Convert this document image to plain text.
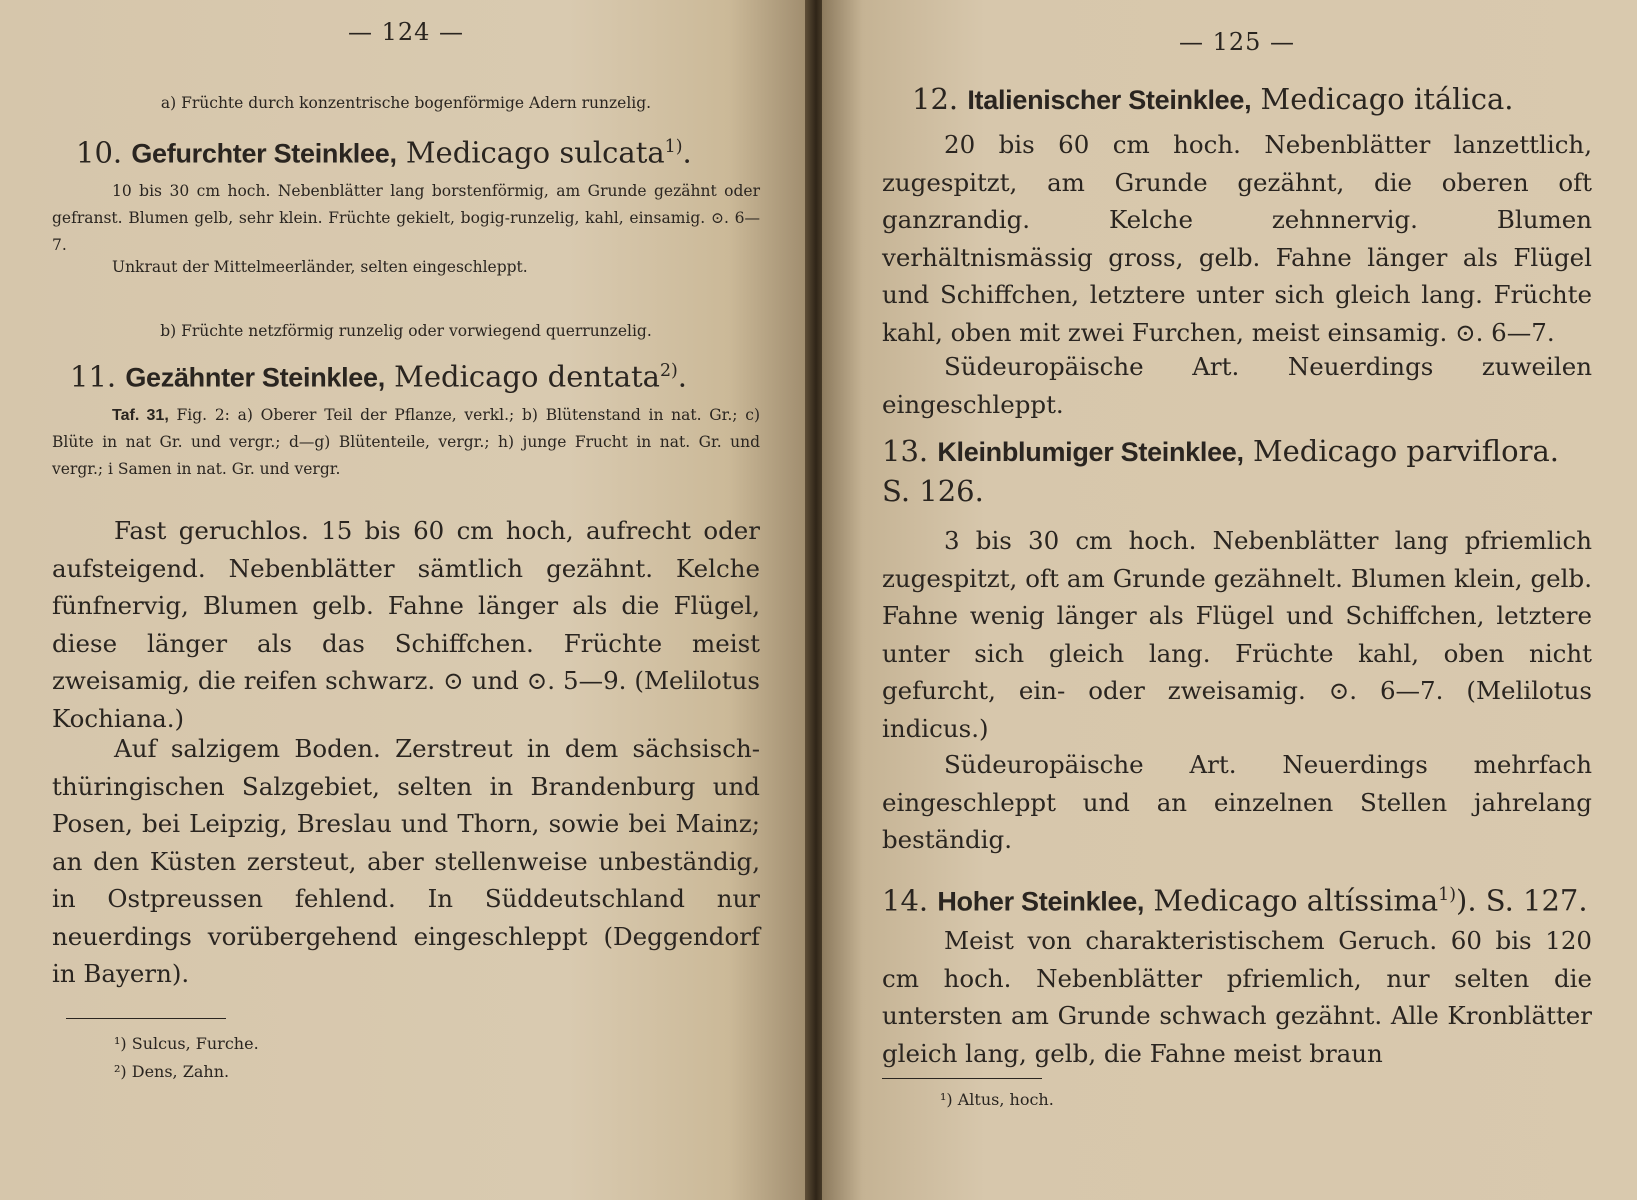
— 124 —

a) Früchte durch konzentrische bogenförmige Adern runzelig.

10. Gefurchter Steinklee, Medicago sulcata$^{1)}$.

10 bis 30 cm hoch. Nebenblätter lang borstenförmig, am Grunde gezähnt oder gefranst. Blumen gelb, sehr klein. Früchte gekielt, bogig-runzelig, kahl, einsamig. ⊙. 6—7.

Unkraut der Mittelmeerländer, selten eingeschleppt.

b) Früchte netzförmig runzelig oder vorwiegend querrunzelig.

11. Gezähnter Steinklee, Medicago dentata$^{2)}$.

Taf. 31, Fig. 2: a) Oberer Teil der Pflanze, verkl.; b) Blütenstand in nat. Gr.; c) Blüte in nat Gr. und vergr.; d—g) Blütenteile, vergr.; h) junge Frucht in nat. Gr. und vergr.; i Samen in nat. Gr. und vergr.

Fast geruchlos. 15 bis 60 cm hoch, aufrecht oder aufsteigend. Nebenblätter sämtlich gezähnt. Kelche fünfnervig, Blumen gelb. Fahne länger als die Flügel, diese länger als das Schiffchen. Früchte meist zweisamig, die reifen schwarz. ⊙ und ⊙. 5—9. (Melilotus Kochiana.)

Auf salzigem Boden. Zerstreut in dem sächsisch-thüringischen Salzgebiet, selten in Brandenburg und Posen, bei Leipzig, Breslau und Thorn, sowie bei Mainz; an den Küsten zersteut, aber stellenweise unbeständig, in Ostpreussen fehlend. In Süddeutschland nur neuerdings vorübergehend eingeschleppt (Deggendorf in Bayern).

¹) Sulcus, Furche.

²) Dens, Zahn.

— 125 —
12. Italienischer Steinklee, Medicago itálica.

20 bis 60 cm hoch. Nebenblätter lanzettlich, zugespitzt, am Grunde gezähnt, die oberen oft ganzrandig. Kelche zehnnervig. Blumen verhältnismässig gross, gelb. Fahne länger als Flügel und Schiffchen, letztere unter sich gleich lang. Früchte kahl, oben mit zwei Furchen, meist einsamig. ⊙. 6—7.

Südeuropäische Art. Neuerdings zuweilen eingeschleppt.

13. Kleinblumiger Steinklee, Medicago parviflora.
S. 126.

3 bis 30 cm hoch. Nebenblätter lang pfriemlich zugespitzt, oft am Grunde gezähnelt. Blumen klein, gelb. Fahne wenig länger als Flügel und Schiffchen, letztere unter sich gleich lang. Früchte kahl, oben nicht gefurcht, ein- oder zweisamig. ⊙. 6—7. (Melilotus indicus.)

Südeuropäische Art. Neuerdings mehrfach eingeschleppt und an einzelnen Stellen jahrelang beständig.

14. Hoher Steinklee, Medicago altíssima$^{1)}$). S. 127.

Meist von charakteristischem Geruch. 60 bis 120 cm hoch. Nebenblätter pfriemlich, nur selten die untersten am Grunde schwach gezähnt. Alle Kronblätter gleich lang, gelb, die Fahne meist braun

¹) Altus, hoch.
